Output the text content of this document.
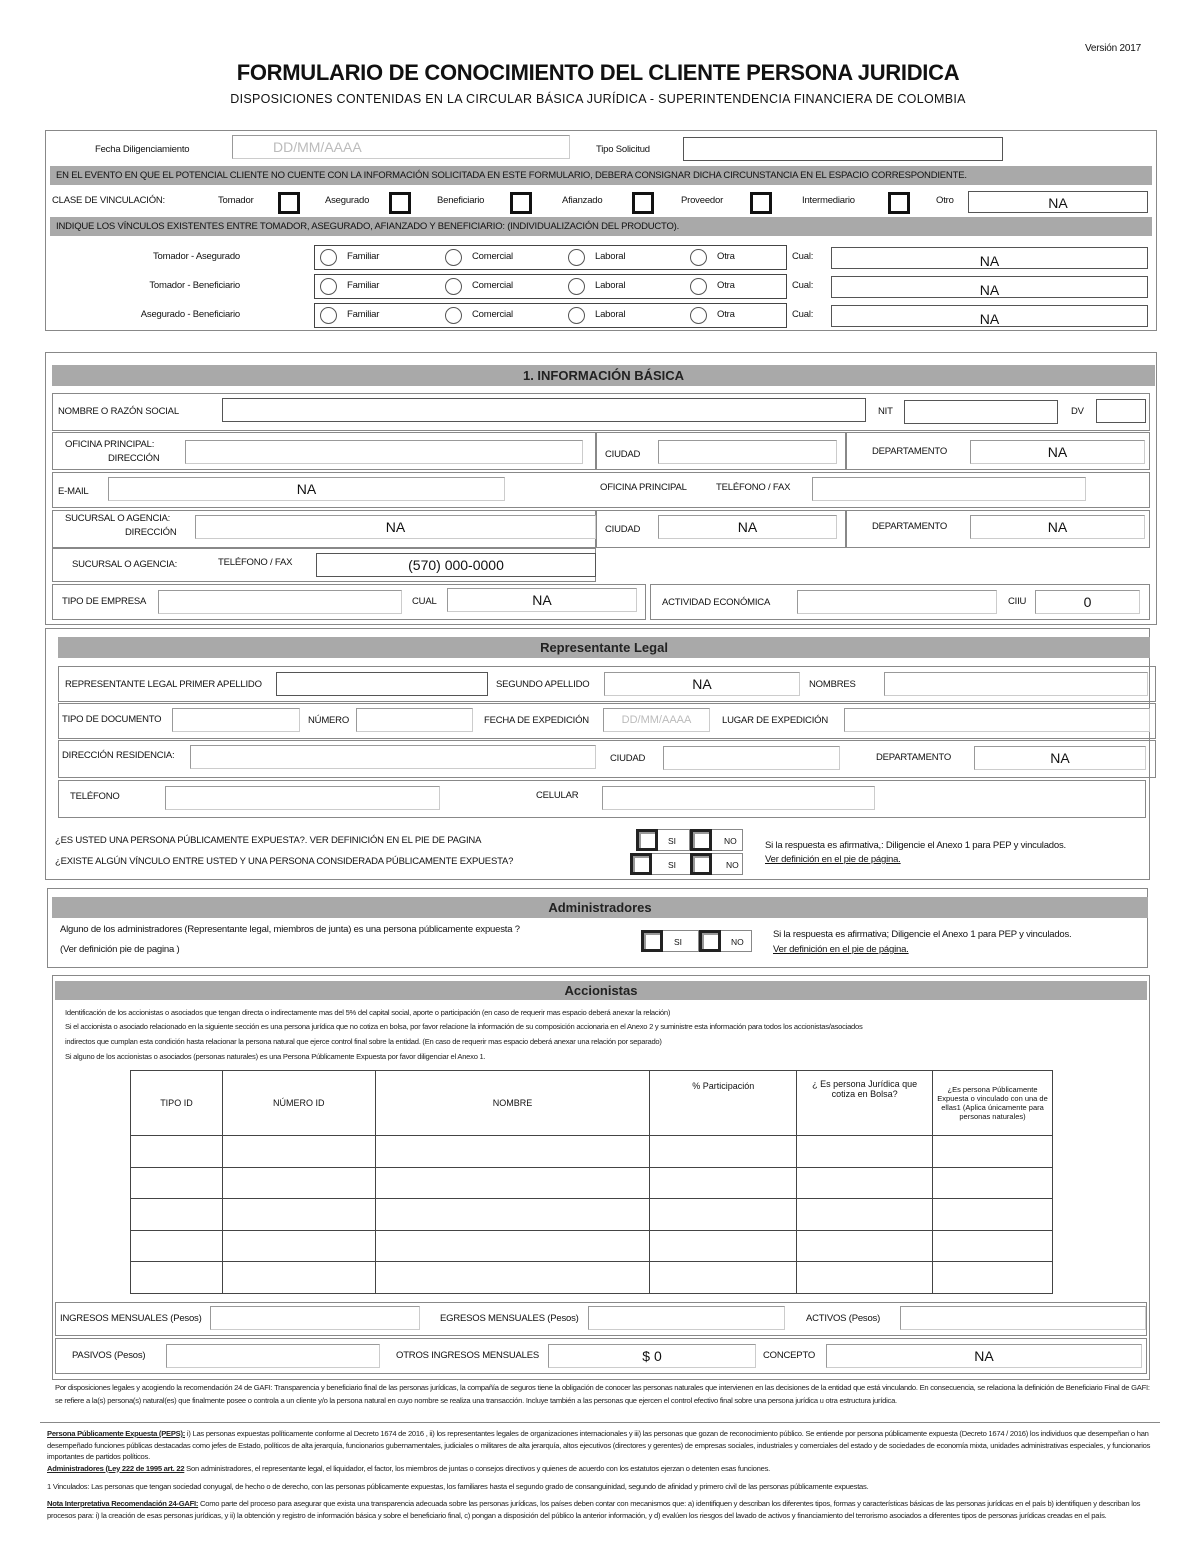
Versión 2017
FORMULARIO DE CONOCIMIENTO DEL CLIENTE PERSONA JURIDICA
DISPOSICIONES CONTENIDAS EN LA CIRCULAR BÁSICA JURÍDICA - SUPERINTENDENCIA FINANCIERA DE COLOMBIA
Fecha Diligenciamiento	DD/MM/AAAA	Tipo Solicitud
EN EL EVENTO EN QUE EL POTENCIAL CLIENTE NO CUENTE CON LA INFORMACIÓN SOLICITADA EN ESTE FORMULARIO, DEBERA CONSIGNAR DICHA CIRCUNSTANCIA EN EL ESPACIO CORRESPONDIENTE.
CLASE DE VINCULACIÓN:	Tomador	Asegurado	Beneficiario	Afianzado	Proveedor	Intermediario	Otro	NA
INDIQUE LOS VÍNCULOS EXISTENTES ENTRE TOMADOR, ASEGURADO, AFIANZADO Y BENEFICIARIO: (INDIVIDUALIZACIÓN DEL PRODUCTO).
Tomador - Asegurado	Familiar	Comercial	Laboral	Otra	Cual:	NA
Tomador - Beneficiario	Familiar	Comercial	Laboral	Otra	Cual:	NA
Asegurado - Beneficiario	Familiar	Comercial	Laboral	Otra	Cual:	NA
1. INFORMACIÓN BÁSICA
NOMBRE O RAZÓN SOCIAL	NIT	DV
OFICINA PRINCIPAL:
DIRECCIÓN	CIUDAD	DEPARTAMENTO	NA
E-MAIL	NA	OFICINA PRINCIPAL	TELÉFONO / FAX
SUCURSAL O AGENCIA:
DIRECCIÓN	NA	CIUDAD	NA	DEPARTAMENTO	NA
SUCURSAL O AGENCIA:	TELÉFONO / FAX	(570) 000-0000
TIPO DE EMPRESA	CUAL	NA	ACTIVIDAD ECONÓMICA	CIIU	0
Representante Legal
REPRESENTANTE LEGAL PRIMER APELLIDO	SEGUNDO APELLIDO	NA	NOMBRES
TIPO DE DOCUMENTO	NÚMERO	FECHA DE EXPEDICIÓN	DD/MM/AAAA	LUGAR DE EXPEDICIÓN
DIRECCIÓN RESIDENCIA:	CIUDAD	DEPARTAMENTO	NA
TELÉFONO	CELULAR
¿ES USTED UNA PERSONA PÚBLICAMENTE EXPUESTA?. VER DEFINICIÓN EN EL PIE DE PAGINA
¿EXISTE ALGÚN VÍNCULO ENTRE USTED Y UNA PERSONA CONSIDERADA PÚBLICAMENTE EXPUESTA?
SI	NO
SI	NO
Si la respuesta es afirmativa,: Diligencie el Anexo 1 para PEP y vinculados.
Ver definición en el pie de página.
Administradores
Alguno de los administradores (Representante legal, miembros de junta) es una persona públicamente expuesta ?
(Ver definición pie de pagina )
SI	NO
Si la respuesta es afirmativa; Diligencie el Anexo 1 para PEP y vinculados.
Ver definición en el pie de página.
Accionistas
Identificación de los accionistas o asociados que tengan directa o indirectamente mas del 5% del capital social, aporte o participación (en caso de requerir mas espacio deberá anexar la relación)
Si el accionista o asociado relacionado en la siguiente sección es una persona jurídica que no cotiza en bolsa, por favor relacione la información de su composición accionaria en el Anexo 2 y suministre esta información para todos los accionistas/asociados
indirectos que cumplan esta condición hasta relacionar la persona natural que ejerce control final sobre la entidad. (En caso de requerir mas espacio deberá anexar una relación por separado)
Si alguno de los accionistas o asociados (personas naturales) es una Persona Públicamente Expuesta por favor diligenciar el Anexo 1.
TIPO ID	NÚMERO ID	NOMBRE	% Participación	¿ Es persona Jurídica que cotiza en Bolsa?	¿Es persona Públicamente Expuesta o vinculado con una de ellas1 (Aplica únicamente para personas naturales)

INGRESOS MENSUALES (Pesos)	EGRESOS MENSUALES (Pesos)	ACTIVOS (Pesos)
PASIVOS (Pesos)	OTROS INGRESOS MENSUALES	$ 0	CONCEPTO	NA
Por disposiciones legales y acogiendo la recomendación 24 de GAFI: Transparencia y beneficiario final de las personas jurídicas, la compañía de seguros tiene la obligación de conocer las personas naturales que intervienen en las decisiones de la entidad que está vinculando. En consecuencia, se relaciona la definición de Beneficiario Final de GAFI: se refiere a la(s) persona(s) natural(es) que finalmente posee o controla a un cliente y/o la persona natural en cuyo nombre se realiza una transacción. Incluye también a las personas que ejercen el control efectivo final sobre una persona jurídica u otra estructura jurídica.
Persona Públicamente Expuesta (PEPS): i) Las personas expuestas políticamente conforme al Decreto 1674 de 2016 , ii) los representantes legales de organizaciones internacionales y iii) las personas que gozan de reconocimiento público. Se entiende por persona públicamente expuesta (Decreto 1674 / 2016) los individuos que desempeñan o han desempeñado funciones públicas destacadas como jefes de Estado, políticos de alta jerarquía, funcionarios gubernamentales, judiciales o militares de alta jerarquía, altos ejecutivos (directores y gerentes) de empresas sociales, industriales y comerciales del estado y de sociedades de economía mixta, unidades administrativas especiales, y funcionarios importantes de partidos políticos.
Administradores (Ley 222 de 1995 art. 22 Son administradores, el representante legal, el liquidador, el factor, los miembros de juntas o consejos directivos y quienes de acuerdo con los estatutos ejerzan o detenten esas funciones.
1 Vinculados: Las personas que tengan sociedad conyugal, de hecho o de derecho, con las personas públicamente expuestas, los familiares hasta el segundo grado de consanguinidad, segundo de afinidad y primero civil de las personas públicamente expuestas.
Nota Interpretativa Recomendación 24-GAFI: Como parte del proceso para asegurar que exista una transparencia adecuada sobre las personas jurídicas, los países deben contar con mecanismos que: a) identifiquen y describan los diferentes tipos, formas y características básicas de las personas jurídicas en el país b) identifiquen y describan los procesos para: i) la creación de esas personas jurídicas, y ii) la obtención y registro de información básica y sobre el beneficiario final, c) pongan a disposición del público la anterior información, y d) evalúen los riesgos del lavado de activos y financiamiento del terrorismo asociados a diferentes tipos de personas jurídicas creadas en el país.
